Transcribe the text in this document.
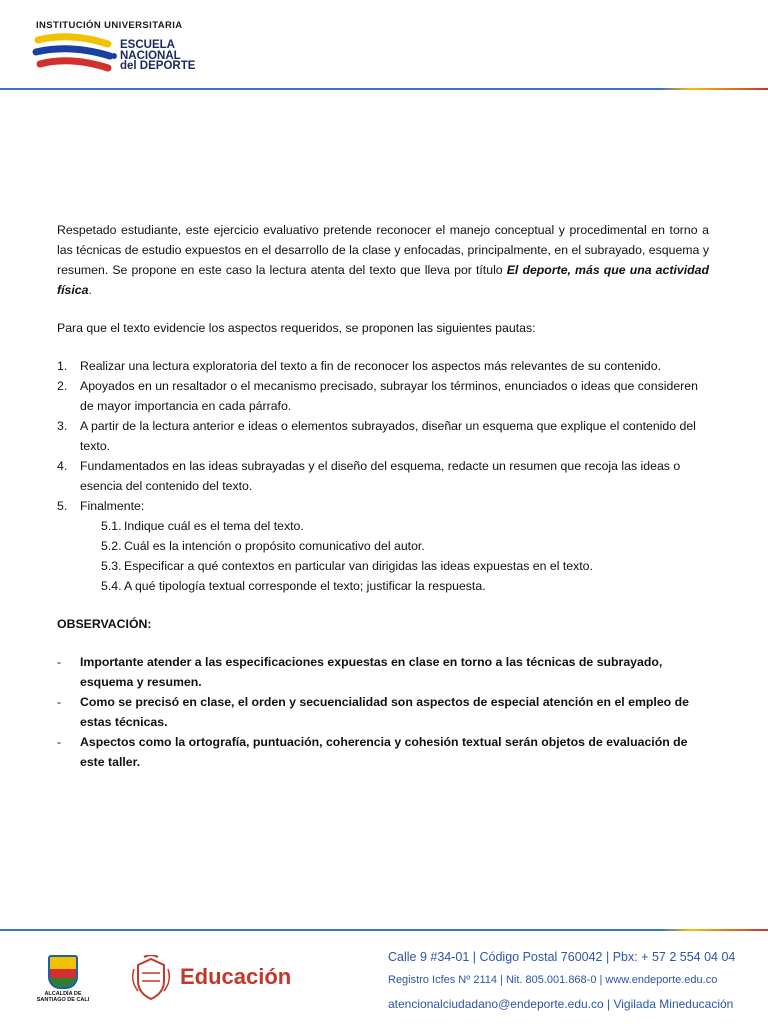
INSTITUCIÓN UNIVERSITARIA
ESCUELA
NACIONAL
del DEPORTE

Respetado estudiante, este ejercicio evaluativo pretende reconocer el manejo conceptual y procedimental en torno a las técnicas de estudio expuestos en el desarrollo de la clase y enfocadas, principalmente, en el subrayado, esquema y resumen. Se propone en este caso la lectura atenta del texto que lleva por título El deporte, más que una actividad física.

Para que el texto evidencie los aspectos requeridos, se proponen las siguientes pautas:

1. Realizar una lectura exploratoria del texto a fin de reconocer los aspectos más relevantes de su contenido.
2. Apoyados en un resaltador o el mecanismo precisado, subrayar los términos, enunciados o ideas que consideren de mayor importancia en cada párrafo.
3. A partir de la lectura anterior e ideas o elementos subrayados, diseñar un esquema que explique el contenido del texto.
4. Fundamentados en las ideas subrayadas y el diseño del esquema, redacte un resumen que recoja las ideas o esencia del contenido del texto.
5. Finalmente:
5.1. Indique cuál es el tema del texto.
5.2. Cuál es la intención o propósito comunicativo del autor.
5.3. Especificar a qué contextos en particular van dirigidas las ideas expuestas en el texto.
5.4. A qué tipología textual corresponde el texto; justificar la respuesta.

OBSERVACIÓN:

- Importante atender a las especificaciones expuestas en clase en torno a las técnicas de subrayado, esquema y resumen.
- Como se precisó en clase, el orden y secuencialidad son aspectos de especial atención en el empleo de estas técnicas.
- Aspectos como la ortografía, puntuación, coherencia y cohesión textual serán objetos de evaluación de este taller.
ALCALDÍA DE
SANTIAGO DE CALI
Educación
Calle 9 #34-01 | Código Postal 760042 | Pbx: + 57 2 554 04 04
Registro Icfes Nº 2114 | Nit. 805.001.868-0 | www.endeporte.edu.co
atencionalciudadano@endeporte.edu.co | Vigilada Mineducación
